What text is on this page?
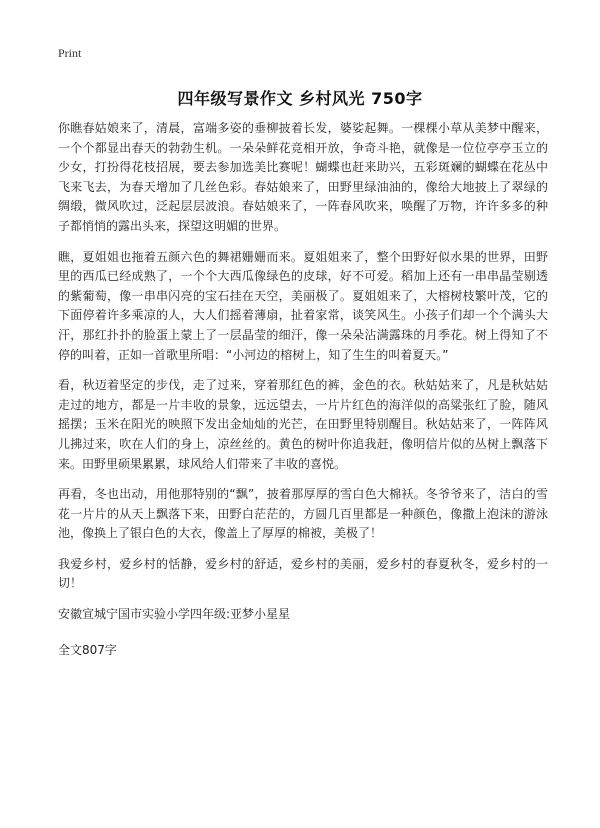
Print
四年级写景作文 乡村风光 750字

你瞧春姑娘来了，清晨，富端多姿的垂柳披着长发，婆娑起舞。一棵棵小草从美梦中醒来，一个个都显出春天的勃勃生机。一朵朵鲜花竞相开放，争奇斗艳，就像是一位位亭亭玉立的少女，打扮得花枝招展，要去参加选美比赛呢！蝴蝶也赶来助兴，五彩斑斓的蝴蝶在花丛中飞来飞去，为春天增加了几丝色彩。春姑娘来了，田野里绿油油的，像给大地披上了翠绿的绸缎，微风吹过，泛起层层波浪。春姑娘来了，一阵春风吹来，唤醒了万物，许许多多的种子都悄悄的露出头来，探望这明媚的世界。

瞧，夏姐姐也拖着五颜六色的舞裙姗姗而来。夏姐姐来了，整个田野好似水果的世界，田野里的西瓜已经成熟了，一个个大西瓜像绿色的皮球，好不可爱。稻加上还有一串串晶莹剔透的紫葡萄，像一串串闪亮的宝石挂在天空，美丽极了。夏姐姐来了，大榕树枝繁叶茂，它的下面停着许多乘凉的人，大人们摇着薄扇，扯着家常，谈笑风生。小孩子们却一个个满头大汗，那红扑扑的脸蛋上蒙上了一层晶莹的细汗，像一朵朵沾满露珠的月季花。树上得知了不停的叫着，正如一首歌里所唱：“小河边的榕树上，知了生生的叫着夏天。”

看，秋迈着坚定的步伐，走了过来，穿着那红色的裤，金色的衣。秋姑姑来了，凡是秋姑姑走过的地方，都是一片丰收的景象，远远望去，一片片红色的海洋似的高粱张红了脸，随风摇摆；玉米在阳光的映照下发出金灿灿的光芒，在田野里特别醒目。秋姑姑来了，一阵阵风儿拂过来，吹在人们的身上，凉丝丝的。黄色的树叶你追我赶，像明信片似的丛树上飘落下来。田野里硕果累累，球风给人们带来了丰收的喜悦。

再看，冬也出动，用他那特别的“飘”，披着那厚厚的雪白色大棉袄。冬爷爷来了，洁白的雪花一片片的从天上飘落下来，田野白茫茫的，方圆几百里都是一种颜色，像撒上泡沫的游泳池，像换上了银白色的大衣，像盖上了厚厚的棉被，美极了！

我爱乡村，爱乡村的恬静，爱乡村的舒适，爱乡村的美丽，爱乡村的春夏秋冬，爱乡村的一切！

安徽宣城宁国市实验小学四年级:亚梦小星星

全文807字
